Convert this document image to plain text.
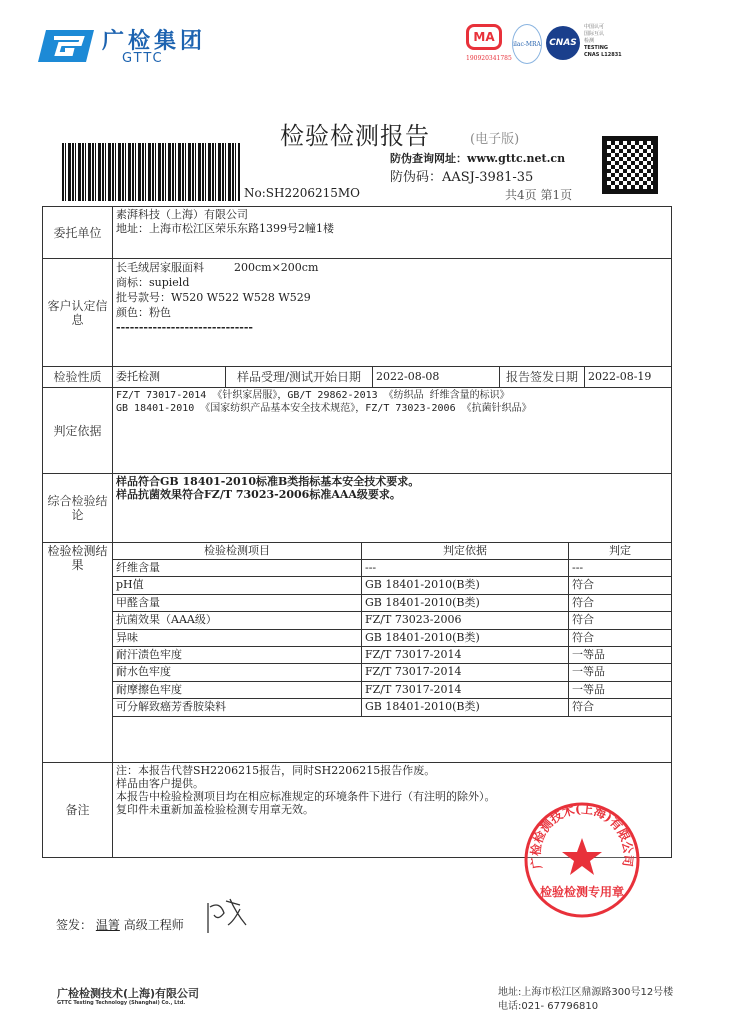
广检集团
GTTC
MA
190920341785
ilac-MRA CNAS
中国认可
国际互认
检测
TESTING
CNAS L12831
检验检测报告	(电子版)
No:SH2206215MO
防伪查询网址：www.gttc.net.cn
防伪码：AASJ-3981-35
共4页 第1页
委托单位
素湃科技（上海）有限公司
地址：上海市松江区荣乐东路1399号2幢1楼
客户认定信息
长毛绒居家服面料	200cm×200cm
商标：supield
批号款号：W520 W522 W528 W529
颜色：粉色
------------------------------
检验性质	委托检测	样品受理/测试开始日期	2022-08-08	报告签发日期 2022-08-19
判定依据
FZ/T 73017-2014 《针织家居服》，GB/T 29862-2013 《纺织品 纤维含量的标识》
GB 18401-2010 《国家纺织产品基本安全技术规范》，FZ/T 73023-2006 《抗菌针织品》
综合检验结论
样品符合GB 18401-2010标准B类指标基本安全技术要求。
样品抗菌效果符合FZ/T 73023-2006标准AAA级要求。
检验检测结果
检验检测项目	判定依据	判定
纤维含量	---	---
pH值	GB 18401-2010(B类)	符合
甲醛含量	GB 18401-2010(B类)	符合
抗菌效果（AAA级）	FZ/T 73023-2006	符合
异味	GB 18401-2010(B类)	符合
耐汗渍色牢度	FZ/T 73017-2014	一等品
耐水色牢度	FZ/T 73017-2014	一等品
耐摩擦色牢度	FZ/T 73017-2014	一等品
可分解致癌芳香胺染料	GB 18401-2010(B类)	符合
备注
注：本报告代替SH2206215报告，同时SH2206215报告作废。
样品由客户提供。
本报告中检验检测项目均在相应标准规定的环境条件下进行（有注明的除外）。
复印件未重新加盖检验检测专用章无效。
广检检测技术(上海)有限公司
检验检测专用章
签发： 温箐 高级工程师
广检检测技术(上海)有限公司
GTTC Testing Technology (Shanghai) Co., Ltd.
地址:上海市松江区鼎源路300号12号楼
电话:021- 67796810
